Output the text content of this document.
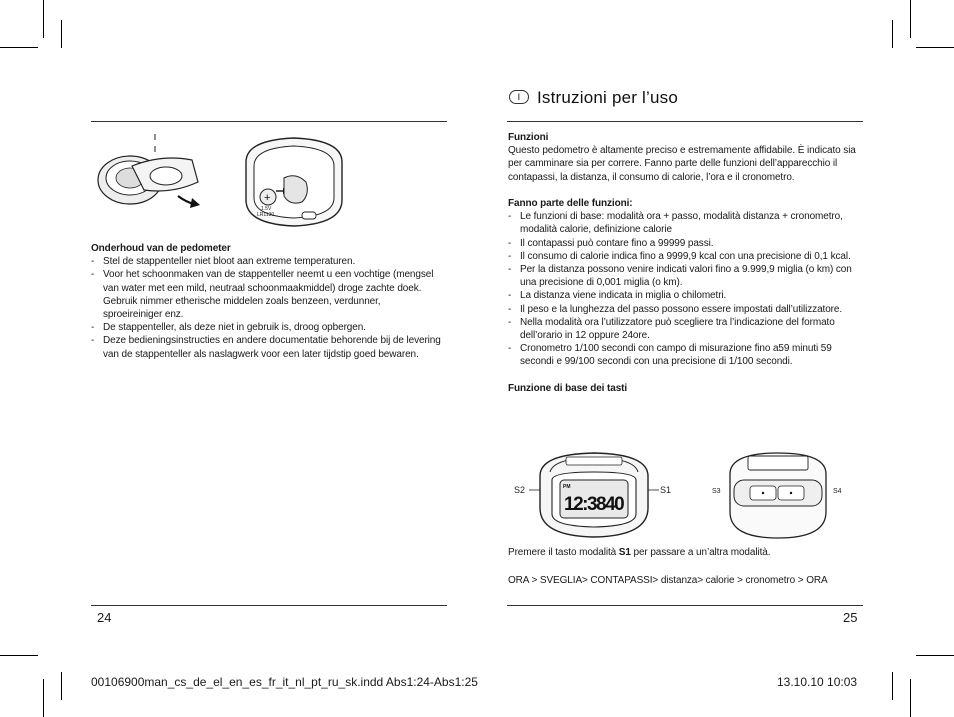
+
1.5V
LR1130
Onderhoud van de pedometer
- Stel de stappenteller niet bloot aan extreme temperaturen.
- Voor het schoonmaken van de stappenteller neemt u een vochtige (mengsel van water met een mild, neutraal schoonmaakmiddel) droge zachte doek. Gebruik nimmer etherische middelen zoals benzeen, verdunner, sproeireiniger enz.
- De stappenteller, als deze niet in gebruik is, droog opbergen.
- Deze bedieningsinstructies en andere documentatie behorende bij de levering van de stappenteller als naslagwerk voor een later tijdstip goed bewaren.
24
I Istruzioni per l’uso
Funzioni
Questo pedometro è altamente preciso e estremamente affidabile. È indicato sia per camminare sia per correre. Fanno parte delle funzioni dell’apparecchio il contapassi, la distanza, il consumo di calorie, l’ora e il cronometro.
Fanno parte delle funzioni:
- Le funzioni di base: modalità ora + passo, modalità distanza + cronometro, modalità calorie, definizione calorie
- Il contapassi può contare fino a 99999 passi.
- Il consumo di calorie indica fino a 9999,9 kcal con una precisione di 0,1 kcal.
- Per la distanza possono venire indicati valori fino a 9.999,9 miglia (o km) con una precisione di 0,001 miglia (o km).
- La distanza viene indicata in miglia o chilometri.
- Il peso e la lunghezza del passo possono essere impostati dall’utilizzatore.
- Nella modalità ora l’utilizzatore può scegliere tra l’indicazione del formato dell’orario in 12 oppure 24ore.
- Cronometro 1/100 secondi con campo di misurazione fino a59 minuti 59 secondi e 99/100 secondi con una precisione di 1/100 secondi.
Funzione di base dei tasti
S2	S1
PM
12:3840
S3	S4
Premere il tasto modalità S1 per passare a un’altra modalità.
ORA > SVEGLIA> CONTAPASSI> distanza> calorie > cronometro > ORA
25
00106900man_cs_de_el_en_es_fr_it_nl_pt_ru_sk.indd Abs1:24-Abs1:25	13.10.10 10:03
